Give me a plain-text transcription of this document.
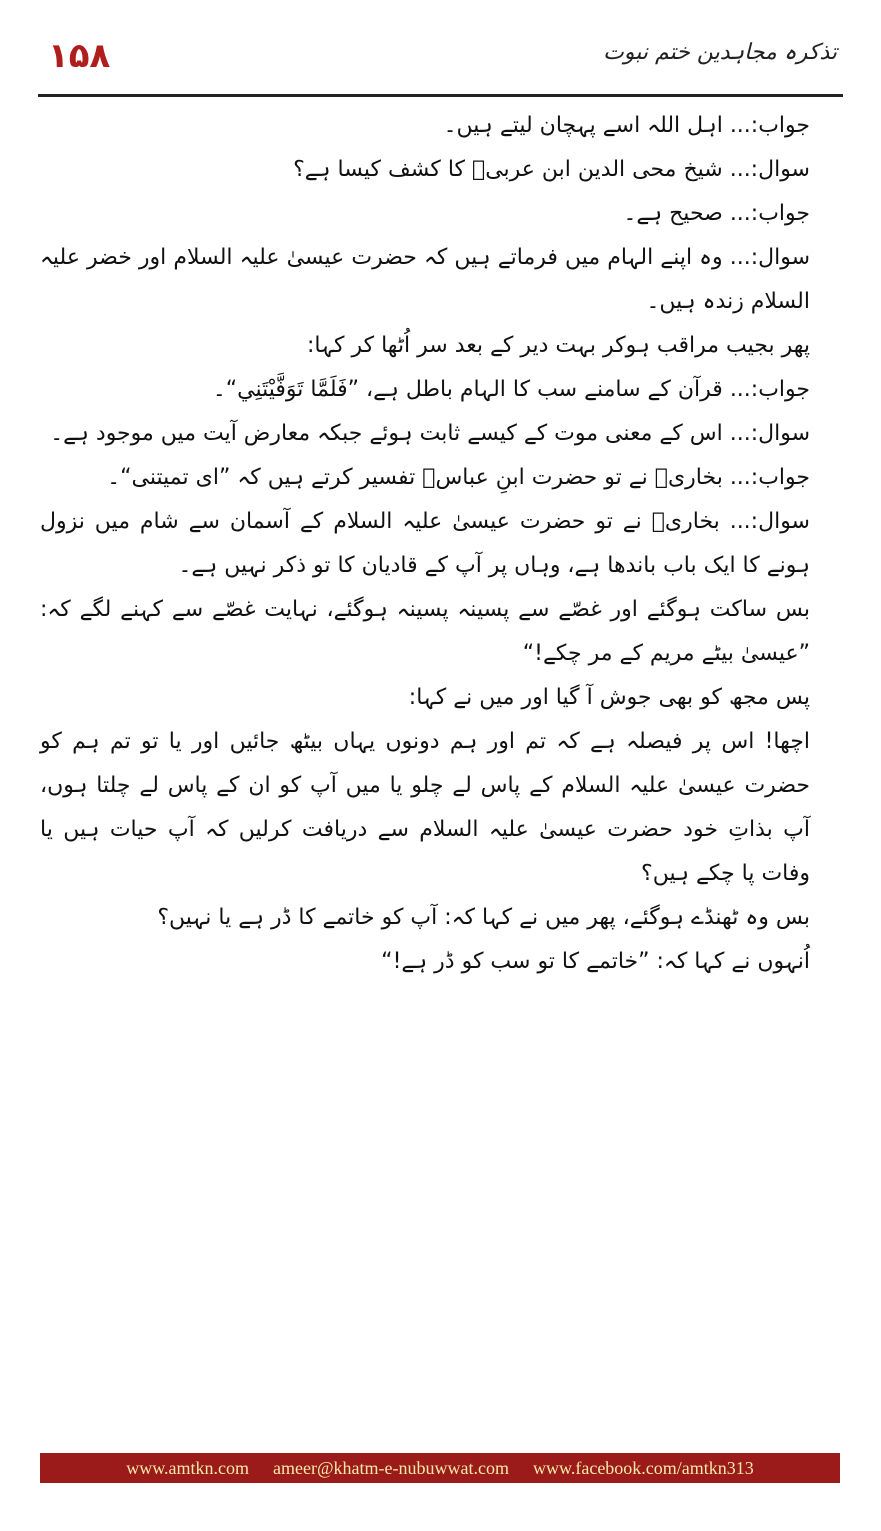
۱۵۸	تذکرہ مجاہدین ختم نبوت

جواب:... اہل اللہ اسے پہچان لیتے ہیں۔

سوال:... شیخ محی الدین ابن عربیؒ کا کشف کیسا ہے؟

جواب:... صحیح ہے۔

سوال:... وہ اپنے الہام میں فرماتے ہیں کہ حضرت عیسیٰ علیہ السلام اور خضر علیہ السلام زندہ ہیں۔

پھر بجیب مراقب ہوکر بہت دیر کے بعد سر اُٹھا کر کہا:

جواب:... قرآن کے سامنے سب کا الہام باطل ہے، ”فَلَمَّا تَوَفَّيْتَنِي“۔

سوال:... اس کے معنی موت کے کیسے ثابت ہوئے جبکہ معارض آیت میں موجود ہے۔

جواب:... بخاریؒ نے تو حضرت ابنِ عباسؓ تفسیر کرتے ہیں کہ ”ای تمیتنی“۔

سوال:... بخاریؒ نے تو حضرت عیسیٰ علیہ السلام کے آسمان سے شام میں نزول ہونے کا ایک باب باندھا ہے، وہاں پر آپ کے قادیان کا تو ذکر نہیں ہے۔

بس ساکت ہوگئے اور غصّے سے پسینہ پسینہ ہوگئے، نہایت غصّے سے کہنے لگے کہ: ”عیسیٰ بیٹے مریم کے مر چکے!“

پس مجھ کو بھی جوش آ گیا اور میں نے کہا:

اچھا! اس پر فیصلہ ہے کہ تم اور ہم دونوں یہاں بیٹھ جائیں اور یا تو تم ہم کو حضرت عیسیٰ علیہ السلام کے پاس لے چلو یا میں آپ کو ان کے پاس لے چلتا ہوں، آپ بذاتِ خود حضرت عیسیٰ علیہ السلام سے دریافت کرلیں کہ آپ حیات ہیں یا وفات پا چکے ہیں؟

بس وہ ٹھنڈے ہوگئے، پھر میں نے کہا کہ: آپ کو خاتمے کا ڈر ہے یا نہیں؟

اُنہوں نے کہا کہ: ”خاتمے کا تو سب کو ڈر ہے!“

www.amtkn.com ameer@khatm-e-nubuwwat.com www.facebook.com/amtkn313
